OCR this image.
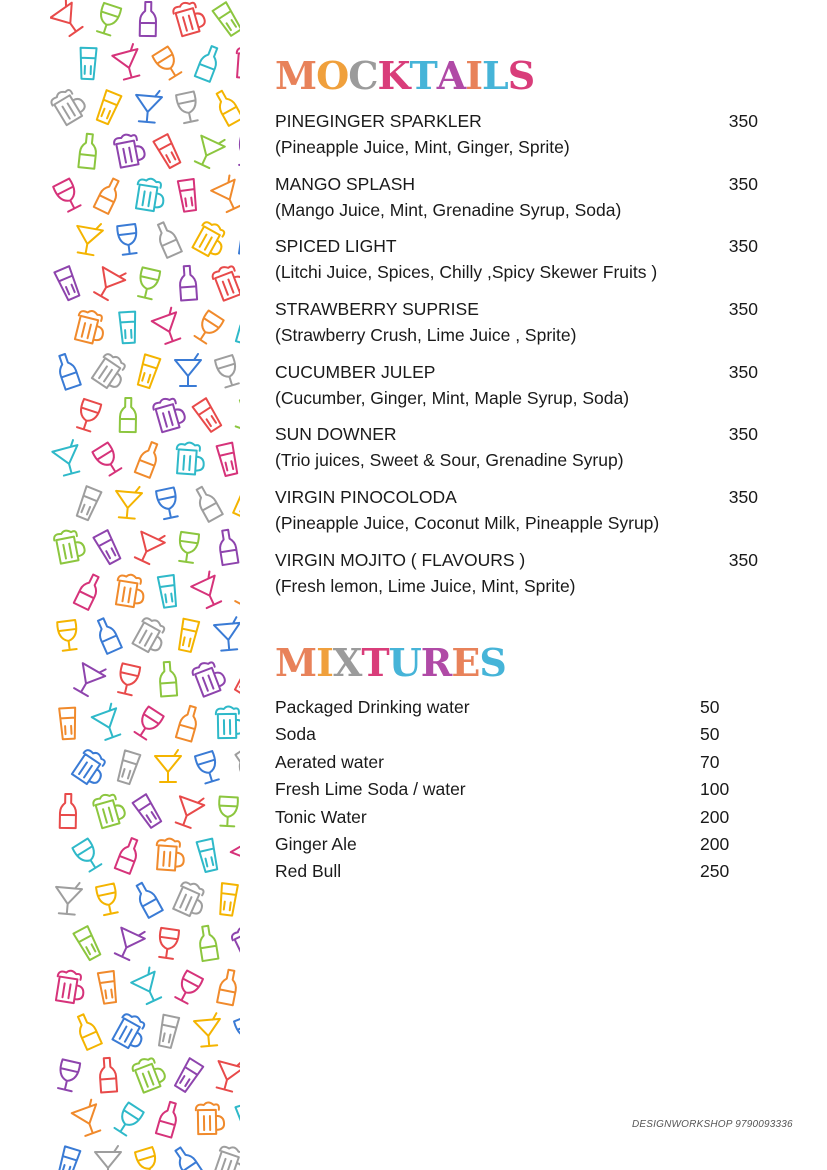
MOCKTAILS
PINEGINGER SPARKLER	350
(Pineapple Juice, Mint, Ginger, Sprite)
MANGO SPLASH	350
(Mango Juice, Mint, Grenadine Syrup, Soda)
SPICED LIGHT	350
(Litchi Juice, Spices, Chilly ,Spicy Skewer Fruits )
STRAWBERRY SUPRISE	350
(Strawberry Crush, Lime Juice , Sprite)
CUCUMBER JULEP	350
(Cucumber, Ginger, Mint, Maple Syrup, Soda)
SUN DOWNER	350
(Trio juices, Sweet & Sour, Grenadine Syrup)
VIRGIN PINOCOLODA	350
(Pineapple Juice, Coconut Milk, Pineapple Syrup)
VIRGIN MOJITO ( FLAVOURS )	350
(Fresh lemon, Lime Juice, Mint, Sprite)
MIXTURES
Packaged Drinking water	50
Soda	50
Aerated water	70
Fresh Lime Soda / water	100
Tonic Water	200
Ginger Ale	200
Red Bull	250
DESIGNWORKSHOP 9790093336
